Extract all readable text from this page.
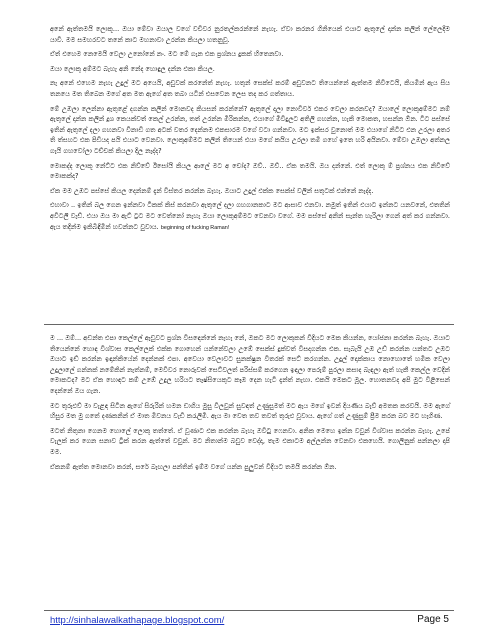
අනේ ඇත්තමයි ලොකූ... ඔයා මේවා ඔයාල වගේ වචිවර නුරතල්කරන්නේ නැහැ. ඒවා කරනර ගිනියෙක් එයාට ඇතුලේ දාන්න කලින් ලේලෙදීම යාවි. මම සමහරවට තනේ කාට මහනාවා උරන්න කියලා හතනුවූ.

ඒත් එහෙම නෙමෙයි වෙලා උනෝනේ නං. මට මේ ගැන එක ප්‍රශ්නය දුකක් හිතෙනවා.

ඔයා ලොකු අම්මට බැහැ අනි නේද හොඳුල දන්න එකා කියල.

නැ අනේ එහෙම නැහැ උදුල් මට අයෙයි, අඩුවක් කරනේත් නැහැ. හතුන් සෙක්ස් කරම් අඩුවනට තියෙන්නේ ඇත්තම නිවිටෙයි, කියමින් ඇය සිය තනයෙ මත තිබෙන මගේ අත මත ඇගේ අත තබා යටින් එසවෙන ලෙස තද කර ගත්තාය.

මේ උඹලා ලෙන්නා ඇතුළේ දගන්න කලින් මොනවද කියසන් කරන්නේ? ඇතුලේ දලා නොවිවර් එකර වෙලා කරනවද? ඔයාලේ ලොකුඅම්මට නම් ඇතුලේ දාන්න කලින් දූශ කෙයක්වත් කෙල් උරන්න, තත් උරන්න මිරිකන්න, එයාගේ මීවිදුලට අතිලි ගහන්න, හැකි මොකත, හසන්න ඕන. ටිට පස්සේ ඉතින් ඇතුලේ දලා ගහනවා විනාඩි ගත අටක් වතර දෙන්නම එකසාරම වගේ වටා ගන්නවා. මට ඉක්සර වුනොත් මම එයාගේ නිටිට එන උරලා අතර ති ත්සහට එක පිඩියද පයි එයාට වෙනවා. ලොකුඅම්මට කලින් තියෙන් එයා මගේ කයිය උරලා තමි ගහේ ඉතෙ හරි අයිනවා. මේවා උඹලා අත්නල ගැයි ගහවෝලා ටච්චක් කියලා දිල නැද්ද?

මොකද්ද ලොකූ නේට්ට එක නිව්වේ ඊසෝයි කියල ආලේ මට අ චෝද? ඔව්.. ඔව්.. ඒක තමයි. ඔය දන්නේ. එත් ලොකු ම් ප්‍රශ්නය එක නිවිවේ මොකක්ද?

ඒක මම උඹට පස්සේ කියල දෙන්නම් දැන් විස්තර කරන්න බැහැ. ඔයාට උදුල් එක්ක සෙක්ස් වලින් සතුටක් එන්නේ නැද්ද.

එහාවා .. ඉතින් බල ගෙන ඉන්නවා ටිකක් කිස් කරනවා ඇතුලේ දලා ගහගානකාට මට ආසාව එනවා. නමුත් ඉතින් එයාට ඉන්නට යනවනේ, එතතින් අවිටලී වැඩ්. එයා ඔය මා ඇට් ට්‍රට මට වෙත්නෝ නැහැ ඔයා ලොකුඅම්මට වෙනවා වගේ. මම පස්සේ අනින් සැන්ත හැරිලා ගෙන් අත් කර ගන්නවා. ඇය තදින්ම ඉකිබිඳිමින් හවන්නට වුවාය. beginning of fucking Raman!

ම ... ඔම්... අඩන්ත එපා කෙල්ලේ ඇඩුවට ප්‍රශ්න විසඳෙන්නේ නැහැ නේ, ඔකට මට ලොකුකන් විදියට මෙක කියන්න, යෝජනා කරන්න බැහැ. ඔයාට තියෙන්නේ හොඳ විශ්වාස කෙල්ලෙක් එක්ක ගොහෙන් යන්නේවලා උඹේ සෙක්ස් දුක්වත් විසදගන්න එක. සැබැයි උඹ උඩ් කරන්න යන්තට උඹට ඔයාට ඉඩ් කරන්න ඉඳාන්කියේන් දෙන්නක් එපා. අවෙයා වෙලාවට සුනක්ෂ්‍රන විතරක් සෙට් කරගන්න. උදුල් දොක්කාය නොහොතේ හමික වෙලා උදුලාලේ ගන්නක් නමේකින් නැත්නම්, මෙවිවර නොරුවක් සෙට්වලත් පරිස්සම් කරගෙන ඉඳලා පෙරුම් පුරලා කසාද බැඳලා ඇත් හැකී කෙල්ල වෙදින් මොකටද? මට ඒක හොඳට කම් උඹේ උදුල හරියට තෑෂ්සියෙකුට කෑඹ දෙන හැටී දැන්ත් නැහා. එකයි මෙකට මූල. හොතනවද අපි මුට විළිසෙන් දෙන්නේ ඔය ගැන.

මට තුරුළුව් මා වැළඳ සිටින ඇගේ සිරුරින් හමන ඩාගිය මුසු විලවුන් සුවඳත් උණුසුමත් මට ඇය මගේ ඉවන් දියණිය බැව් අමතක කරවයි. මම ඇගේ හිසුර මත මු ගතේ දණකනින් ඒ මාත මිවනය වැඩි කරැලිමි. ඇය මා වෙත තව තවත් තුරුළු වූවාය. ඇගේ ගත් උණුසුම් ප්‍රීම කරන බව මට හැගිණ.

මටත් නිතුනා ගෙනම හොලේ ලොකු තත්තේ. ඒ වූණාට එක කරන්න බැහැ ඔවිටු ෆෙනවා. අනික මෙහෙ ඉන්න වවුන් විශ්වාස කරන්න බැහැ. උපේ වැලක් කර ගෙන සනාව ට්‍රීක් කරන ඇත්තේ වවුන්. මට නිතාන්ම බඩුව වෙද්දා, තැම එකාටම අල්ලන්න වෙනවා එකහෙයි. ගොලිනුක් පන්නලා දාපි මම.

ඒකනම් ඇත්ත මොනවා කරන්, සරේ බැඟලා පන්තින් ඉම්ම වගේ යන්න පුලුවන් විදියට තමයි කරන්න ඕන.

http://sinhalawalkathapage.blogspot.com/	Page 5
